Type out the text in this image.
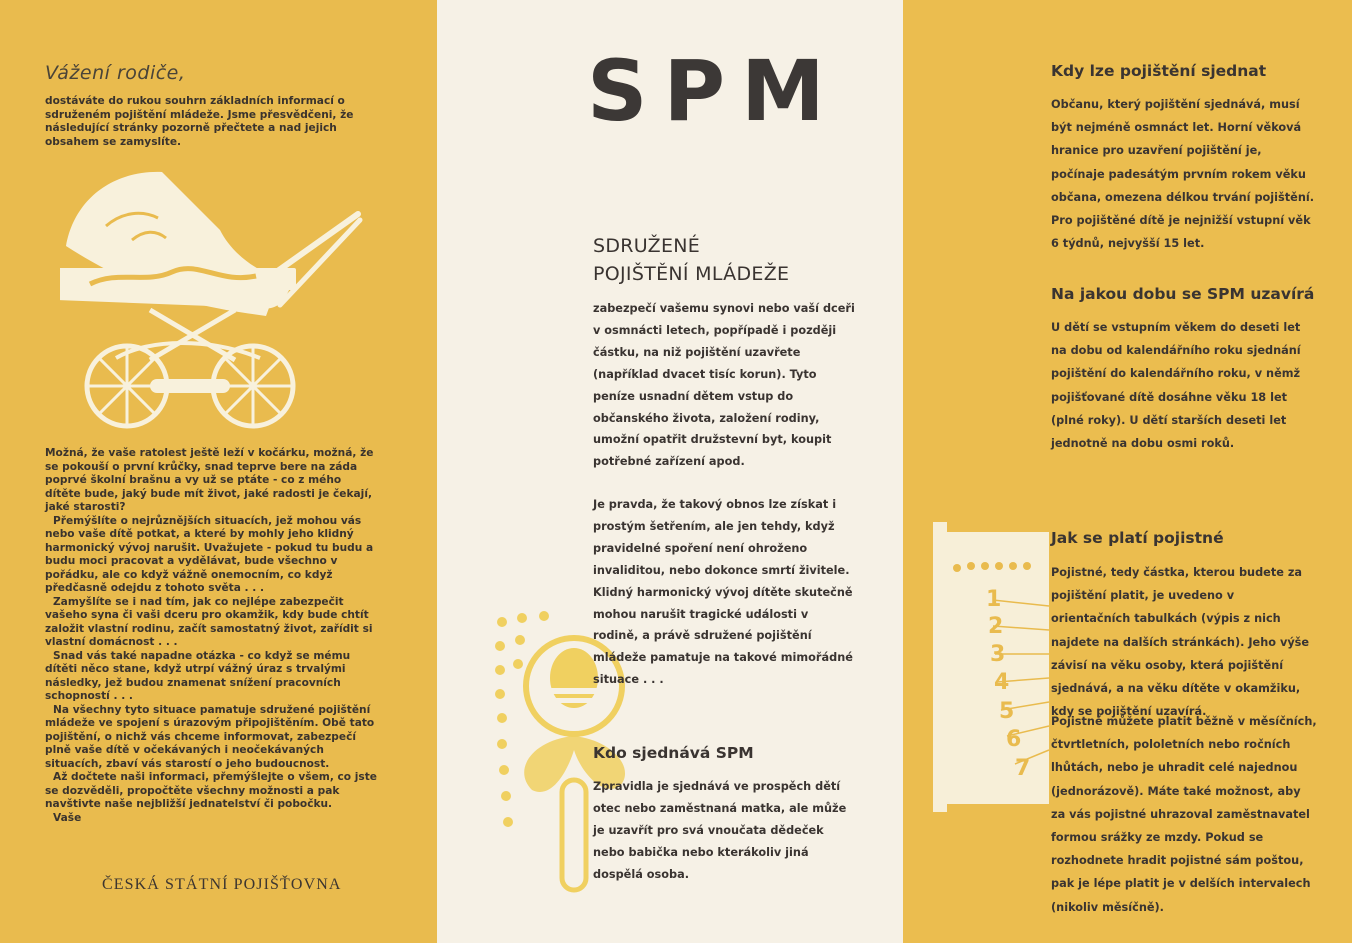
Vážení rodiče,

dostáváte do rukou souhrn základních informací o sdruženém pojištění mládeže. Jsme přesvědčeni, že následující stránky pozorně přečtete a nad jejich obsahem se zamyslíte.

Možná, že vaše ratolest ještě leží v kočárku, možná, že se pokouší o první krůčky, snad teprve bere na záda poprvé školní brašnu a vy už se ptáte - co z mého dítěte bude, jaký bude mít život, jaké radosti je čekají, jaké starosti?

Přemýšlíte o nejrůznějších situacích, jež mohou vás nebo vaše dítě potkat, a které by mohly jeho klidný harmonický vývoj narušit. Uvažujete - pokud tu budu a budu moci pracovat a vydělávat, bude všechno v pořádku, ale co když vážně onemocním, co když předčasně odejdu z tohoto světa . . .

Zamyšlíte se i nad tím, jak co nejlépe zabezpečit vašeho syna či vaši dceru pro okamžik, kdy bude chtít založit vlastní rodinu, začít samostatný život, zařídit si vlastní domácnost . . .

Snad vás také napadne otázka - co když se mému dítěti něco stane, když utrpí vážný úraz s trvalými následky, jež budou znamenat snížení pracovních schopností . . .

Na všechny tyto situace pamatuje sdružené pojištění mládeže ve spojení s úrazovým připojištěním. Obě tato pojištění, o nichž vás chceme informovat, zabezpečí plně vaše dítě v očekávaných i neočekávaných situacích, zbaví vás starostí o jeho budoucnost.

Až dočtete naši informaci, přemýšlejte o všem, co jste se dozvěděli, propočtěte všechny možnosti a pak navštivte naše nejbližší jednatelství či pobočku.

Vaše

ČESKÁ STÁTNÍ POJIŠŤOVNA

SPM
SDRUŽENÉ
POJIŠTĚNÍ MLÁDEŽE

zabezpečí vašemu synovi nebo vaší dceři v osmnácti letech, popřípadě i později částku, na niž pojištění uzavřete (například dvacet tisíc korun). Tyto peníze usnadní dětem vstup do občanského života, založení rodiny, umožní opatřit družstevní byt, koupit potřebné zařízení apod.

Je pravda, že takový obnos lze získat i prostým šetřením, ale jen tehdy, když pravidelné spoření není ohroženo invaliditou, nebo dokonce smrtí živitele. Klidný harmonický vývoj dítěte skutečně mohou narušit tragické události v rodině, a právě sdružené pojištění mládeže pamatuje na takové mimořádné situace . . .

Kdo sjednává SPM

Zpravidla je sjednává ve prospěch dětí otec nebo zaměstnaná matka, ale může je uzavřít pro svá vnoučata dědeček nebo babička nebo kterákoliv jiná dospělá osoba.

Kdy lze pojištění sjednat

Občanu, který pojištění sjednává, musí být nejméně osmnáct let. Horní věková hranice pro uzavření pojištění je, počínaje padesátým prvním rokem věku občana, omezena délkou trvání pojištění. Pro pojištěné dítě je nejnižší vstupní věk 6 týdnů, nejvyšší 15 let.

Na jakou dobu se SPM uzavírá

U dětí se vstupním věkem do deseti let na dobu od kalendářního roku sjednání pojištění do kalendářního roku, v němž pojišťované dítě dosáhne věku 18 let (plné roky). U dětí starších deseti let jednotně na dobu osmi roků.

1
2
3
4
5
6
7
Jak se platí pojistné

Pojistné, tedy částka, kterou budete za pojištění platit, je uvedeno v orientačních tabulkách (výpis z nich najdete na dalších stránkách). Jeho výše závisí na věku osoby, která pojištění sjednává, a na věku dítěte v okamžiku, kdy se pojištění uzavírá.

Pojistné můžete platit běžně v měsíčních, čtvrtletních, pololetních nebo ročních lhůtách, nebo je uhradit celé najednou (jednorázově). Máte také možnost, aby za vás pojistné uhrazoval zaměstnavatel formou srážky ze mzdy. Pokud se rozhodnete hradit pojistné sám poštou, pak je lépe platit je v delších intervalech (nikoliv měsíčně).
